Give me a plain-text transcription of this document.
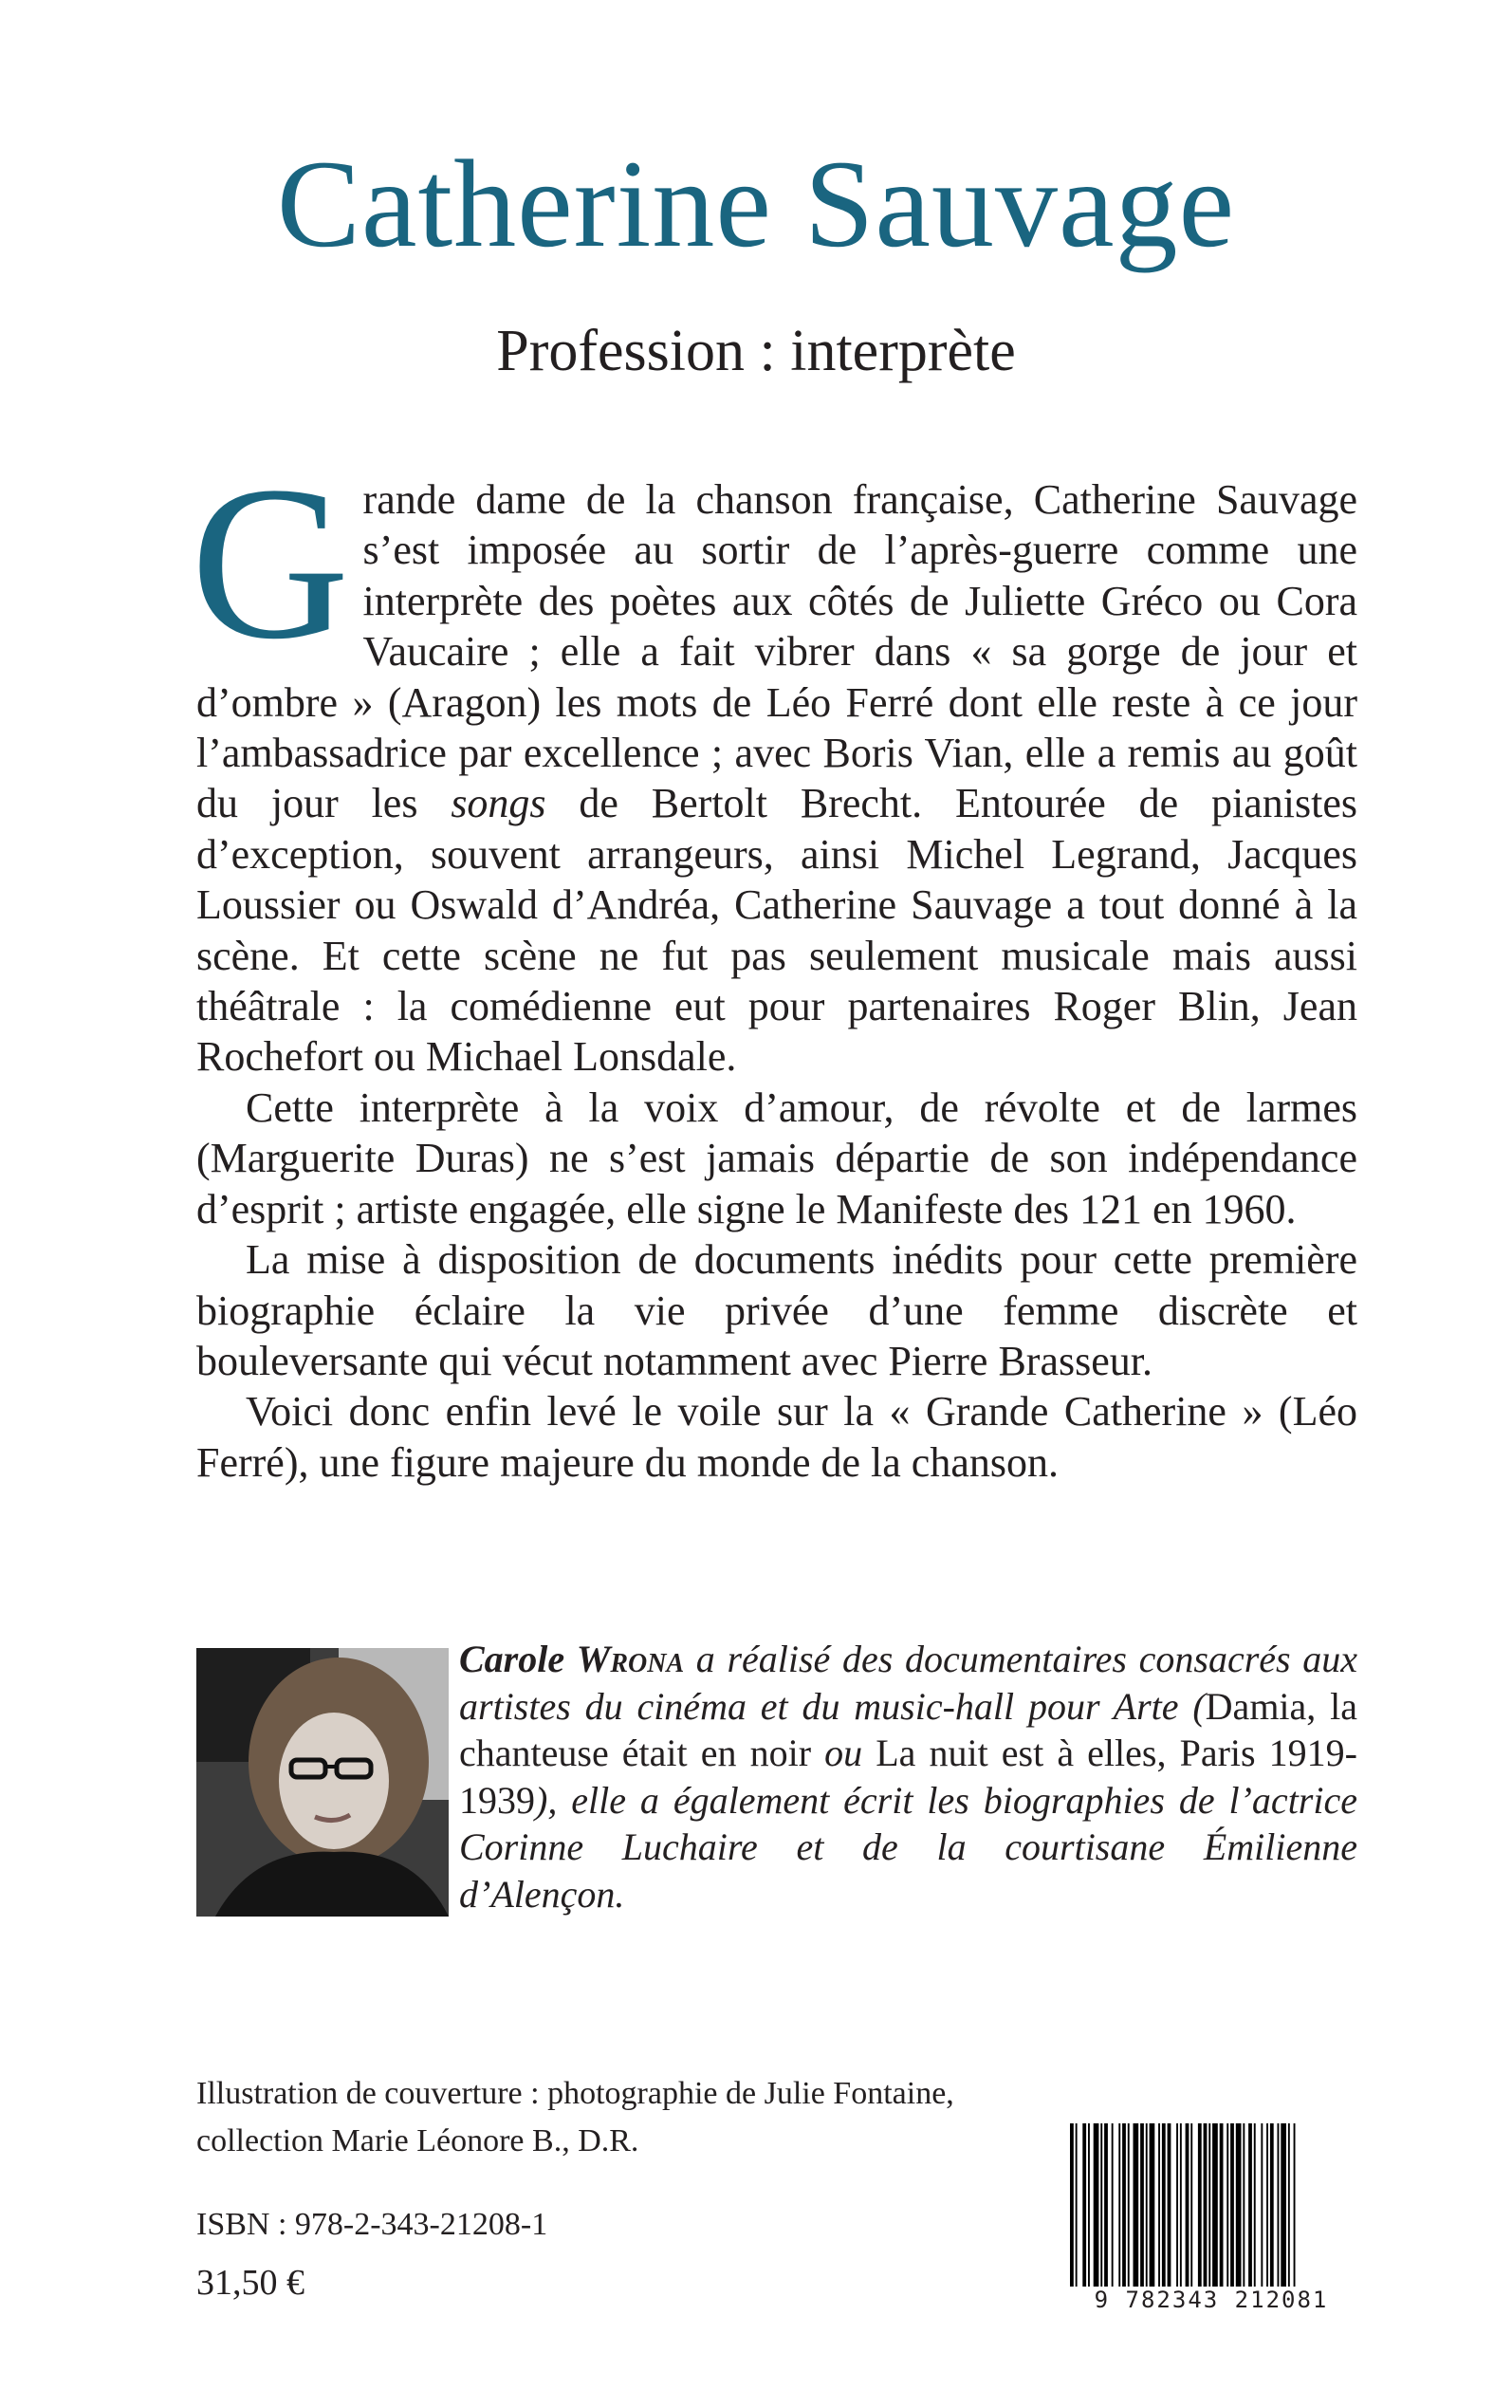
Catherine Sauvage
Profession : interprète

Grande dame de la chanson française, Catherine Sauvage s’est imposée au sortir de l’après-guerre comme une interprète des poètes aux côtés de Juliette Gréco ou Cora Vaucaire ; elle a fait vibrer dans « sa gorge de jour et d’ombre » (Aragon) les mots de Léo Ferré dont elle reste à ce jour l’ambassadrice par excellence ; avec Boris Vian, elle a remis au goût du jour les songs de Bertolt Brecht. Entourée de pianistes d’exception, souvent arrangeurs, ainsi Michel Legrand, Jacques Loussier ou Oswald d’Andréa, Catherine Sauvage a tout donné à la scène. Et cette scène ne fut pas seulement musicale mais aussi théâtrale : la comédienne eut pour partenaires Roger Blin, Jean Rochefort ou Michael Lonsdale.

Cette interprète à la voix d’amour, de révolte et de larmes (Marguerite Duras) ne s’est jamais départie de son indépendance d’esprit ; artiste engagée, elle signe le Manifeste des 121 en 1960.

La mise à disposition de documents inédits pour cette première biographie éclaire la vie privée d’une femme discrète et bouleversante qui vécut notamment avec Pierre Brasseur.

Voici donc enfin levé le voile sur la « Grande Catherine » (Léo Ferré), une figure majeure du monde de la chanson.

Carole Wrona a réalisé des documentaires consacrés aux artistes du cinéma et du music-hall pour Arte (Damia, la chanteuse était en noir ou La nuit est à elles, Paris 1919-1939), elle a également écrit les biographies de l’actrice Corinne Luchaire et de la courtisane Émilienne d’Alençon.

Illustration de couverture : photographie de Julie Fontaine,
collection Marie Léonore B., D.R.
ISBN : 978-2-343-21208-1
31,50 €	9 782343 212081
